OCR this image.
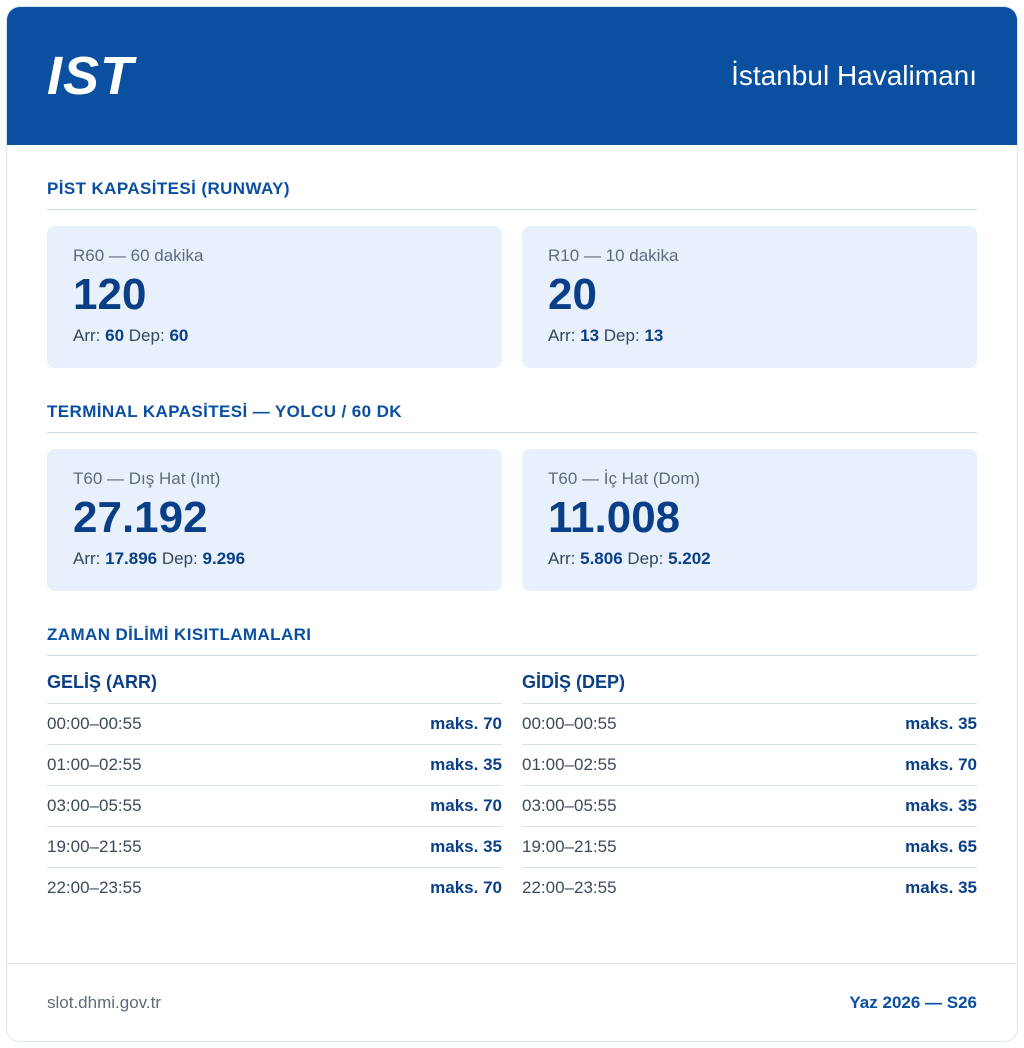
IST	İstanbul Havalimanı
PİST KAPASİTESİ (RUNWAY)
R60 — 60 dakika
120
Arr: 60 Dep: 60
R10 — 10 dakika
20
Arr: 13 Dep: 13
TERMİNAL KAPASİTESİ — YOLCU / 60 DK
T60 — Dış Hat (Int)
27.192
Arr: 17.896 Dep: 9.296
T60 — İç Hat (Dom)
11.008
Arr: 5.806 Dep: 5.202
ZAMAN DİLİMİ KISITLAMALARI
GELİŞ (ARR)
00:00–00:55	maks. 70
01:00–02:55	maks. 35
03:00–05:55	maks. 70
19:00–21:55	maks. 35
22:00–23:55	maks. 70
GİDİŞ (DEP)
00:00–00:55	maks. 35
01:00–02:55	maks. 70
03:00–05:55	maks. 35
19:00–21:55	maks. 65
22:00–23:55	maks. 35
slot.dhmi.gov.tr	Yaz 2026 — S26
